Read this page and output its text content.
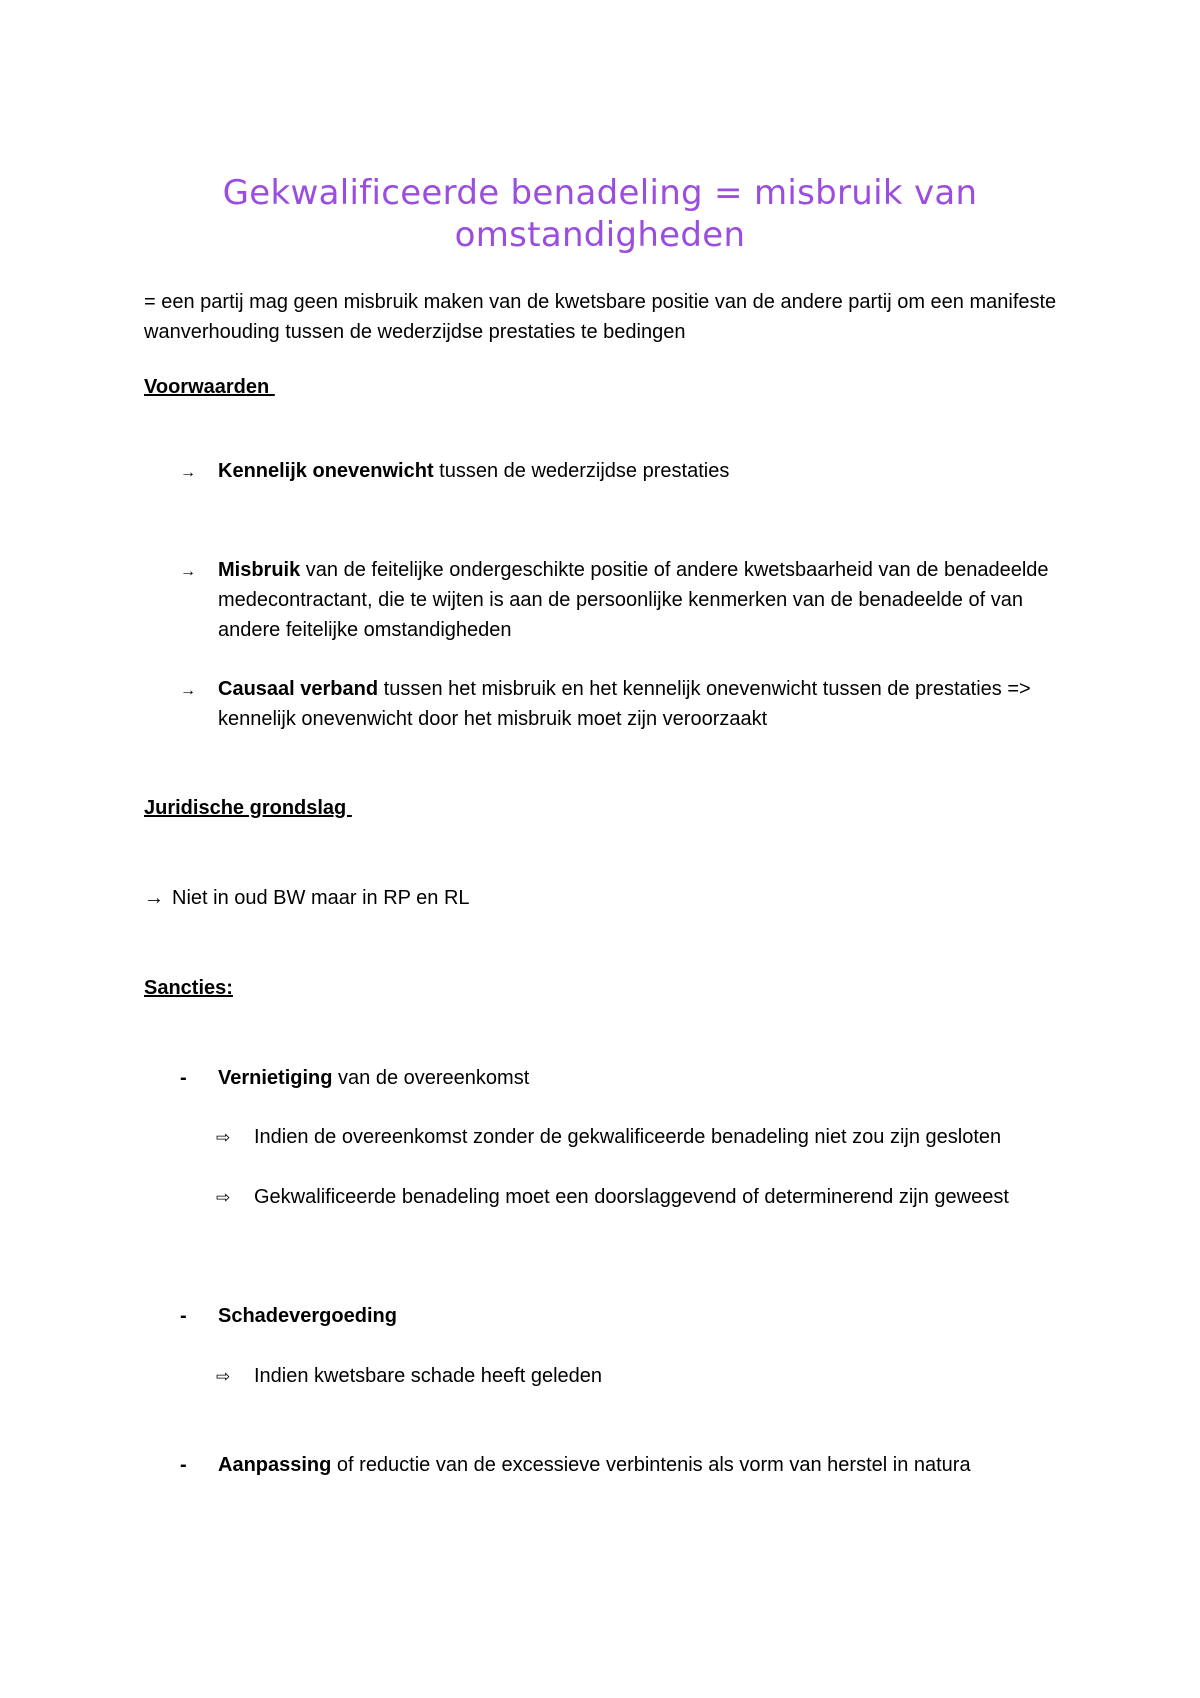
Gekwalificeerde benadeling = misbruik van omstandigheden
= een partij mag geen misbruik maken van de kwetsbare positie van de andere partij om een manifeste wanverhouding tussen de wederzijdse prestaties te bedingen
Voorwaarden
→ Kennelijk onevenwicht tussen de wederzijdse prestaties
→ Misbruik van de feitelijke ondergeschikte positie of andere kwetsbaarheid van de benadeelde medecontractant, die te wijten is aan de persoonlijke kenmerken van de benadeelde of van andere feitelijke omstandigheden
→ Causaal verband tussen het misbruik en het kennelijk onevenwicht tussen de prestaties => kennelijk onevenwicht door het misbruik moet zijn veroorzaakt
Juridische grondslag
→ Niet in oud BW maar in RP en RL
Sancties:
- Vernietiging van de overeenkomst
⇨ Indien de overeenkomst zonder de gekwalificeerde benadeling niet zou zijn gesloten
⇨ Gekwalificeerde benadeling moet een doorslaggevend of determinerend zijn geweest
- Schadevergoeding
⇨ Indien kwetsbare schade heeft geleden
- Aanpassing of reductie van de excessieve verbintenis als vorm van herstel in natura
